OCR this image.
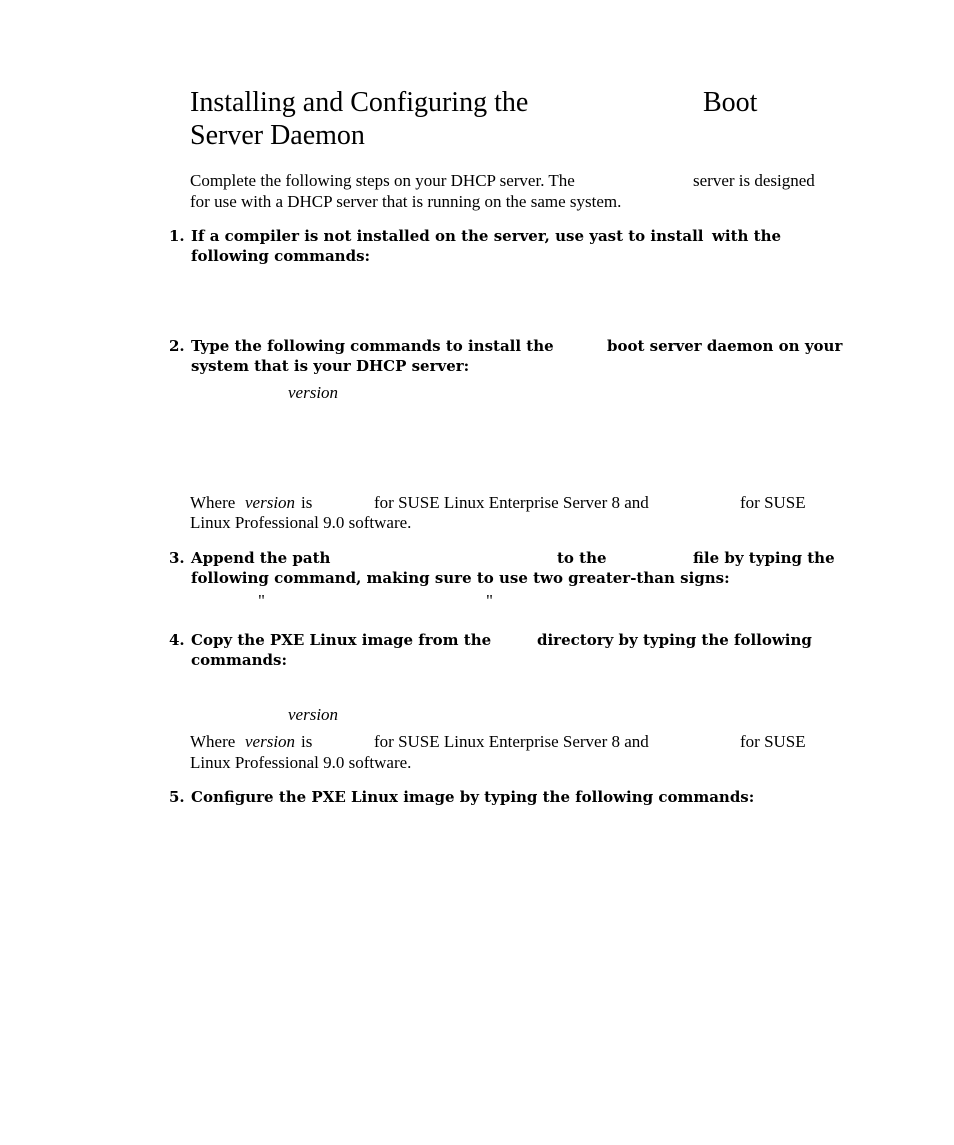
Installing and Configuring the	Boot
Server Daemon
Complete the following steps on your DHCP server. The	server is designed
for use with a DHCP server that is running on the same system.
1. If a compiler is not installed on the server, use yast to install with the
following commands:
2. Type the following commands to install the	boot server daemon on your
system that is your DHCP server:
version
Where version is	for SUSE Linux Enterprise Server 8 and	for SUSE
Linux Professional 9.0 software.
3. Append the path	to the	file by typing the
following command, making sure to use two greater-than signs:
"	"
4. Copy the PXE Linux image from the	directory by typing the following
commands:
version
Where version is	for SUSE Linux Enterprise Server 8 and	for SUSE
Linux Professional 9.0 software.
5. Configure the PXE Linux image by typing the following commands:
